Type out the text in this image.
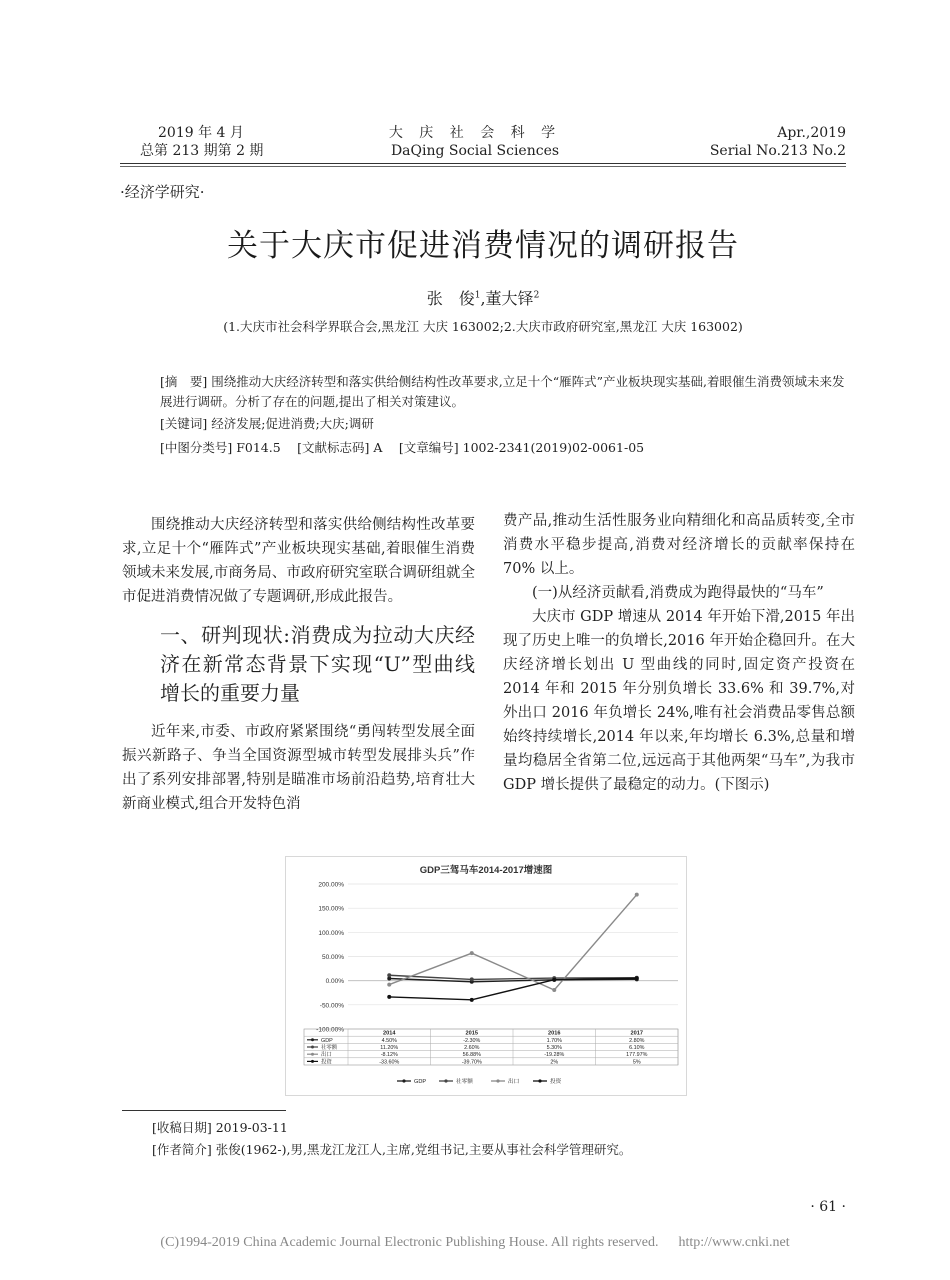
2019 年 4 月
总第 213 期第 2 期
大 庆 社 会 科 学
DaQing Social Sciences
Apr.,2019
Serial No.213 No.2
·经济学研究·
关于大庆市促进消费情况的调研报告
张　俊$^1$,董大铎$^2$
(1.大庆市社会科学界联合会,黑龙江 大庆 163002;2.大庆市政府研究室,黑龙江 大庆 163002)
[摘　要] 围绕推动大庆经济转型和落实供给侧结构性改革要求,立足十个“雁阵式”产业板块现实基础,着眼催生消费领域未来发展进行调研。分析了存在的问题,提出了相关对策建议。
[关键词] 经济发展;促进消费;大庆;调研
[中图分类号] F014.5　 [文献标志码] A　 [文章编号] 1002-2341(2019)02-0061-05

围绕推动大庆经济转型和落实供给侧结构性改革要求,立足十个“雁阵式”产业板块现实基础,着眼催生消费领域未来发展,市商务局、市政府研究室联合调研组就全市促进消费情况做了专题调研,形成此报告。

一、研判现状:消费成为拉动大庆经济在新常态背景下实现“U”型曲线增长的重要力量

近年来,市委、市政府紧紧围绕“勇闯转型发展全面振兴新路子、争当全国资源型城市转型发展排头兵”作出了系列安排部署,特别是瞄准市场前沿趋势,培育壮大新商业模式,组合开发特色消

费产品,推动生活性服务业向精细化和高品质转变,全市消费水平稳步提高,消费对经济增长的贡献率保持在 70% 以上。

(一)从经济贡献看,消费成为跑得最快的“马车”

大庆市 GDP 增速从 2014 年开始下滑,2015 年出现了历史上唯一的负增长,2016 年开始企稳回升。在大庆经济增长划出 U 型曲线的同时,固定资产投资在 2014 年和 2015 年分别负增长 33.6% 和 39.7%,对外出口 2016 年负增长 24%,唯有社会消费品零售总额始终持续增长,2014 年以来,年均增长 6.3%,总量和增量均稳居全省第二位,远远高于其他两架“马车”,为我市 GDP 增长提供了最稳定的动力。(下图示)

GDP三驾马车2014-2017增速图
200.00%
150.00%
100.00%
50.00%
0.00%
-50.00%
-100.00%
2014	2015	2016	2017
GDP	4.50%	-2.30%	1.70%	2.80%
社零额	11.20%	2.60%	5.30%	6.10%
出口	-8.12%	56.88%	-19.28%	177.97%
投资	-33.60%	-39.70%	2%	5%
GDP	社零额	出口	投资
[收稿日期] 2019-03-11
[作者简介] 张俊(1962-),男,黑龙江龙江人,主席,党组书记,主要从事社会科学管理研究。
· 61 ·
(C)1994-2019 China Academic Journal Electronic Publishing House. All rights reserved. http://www.cnki.net
